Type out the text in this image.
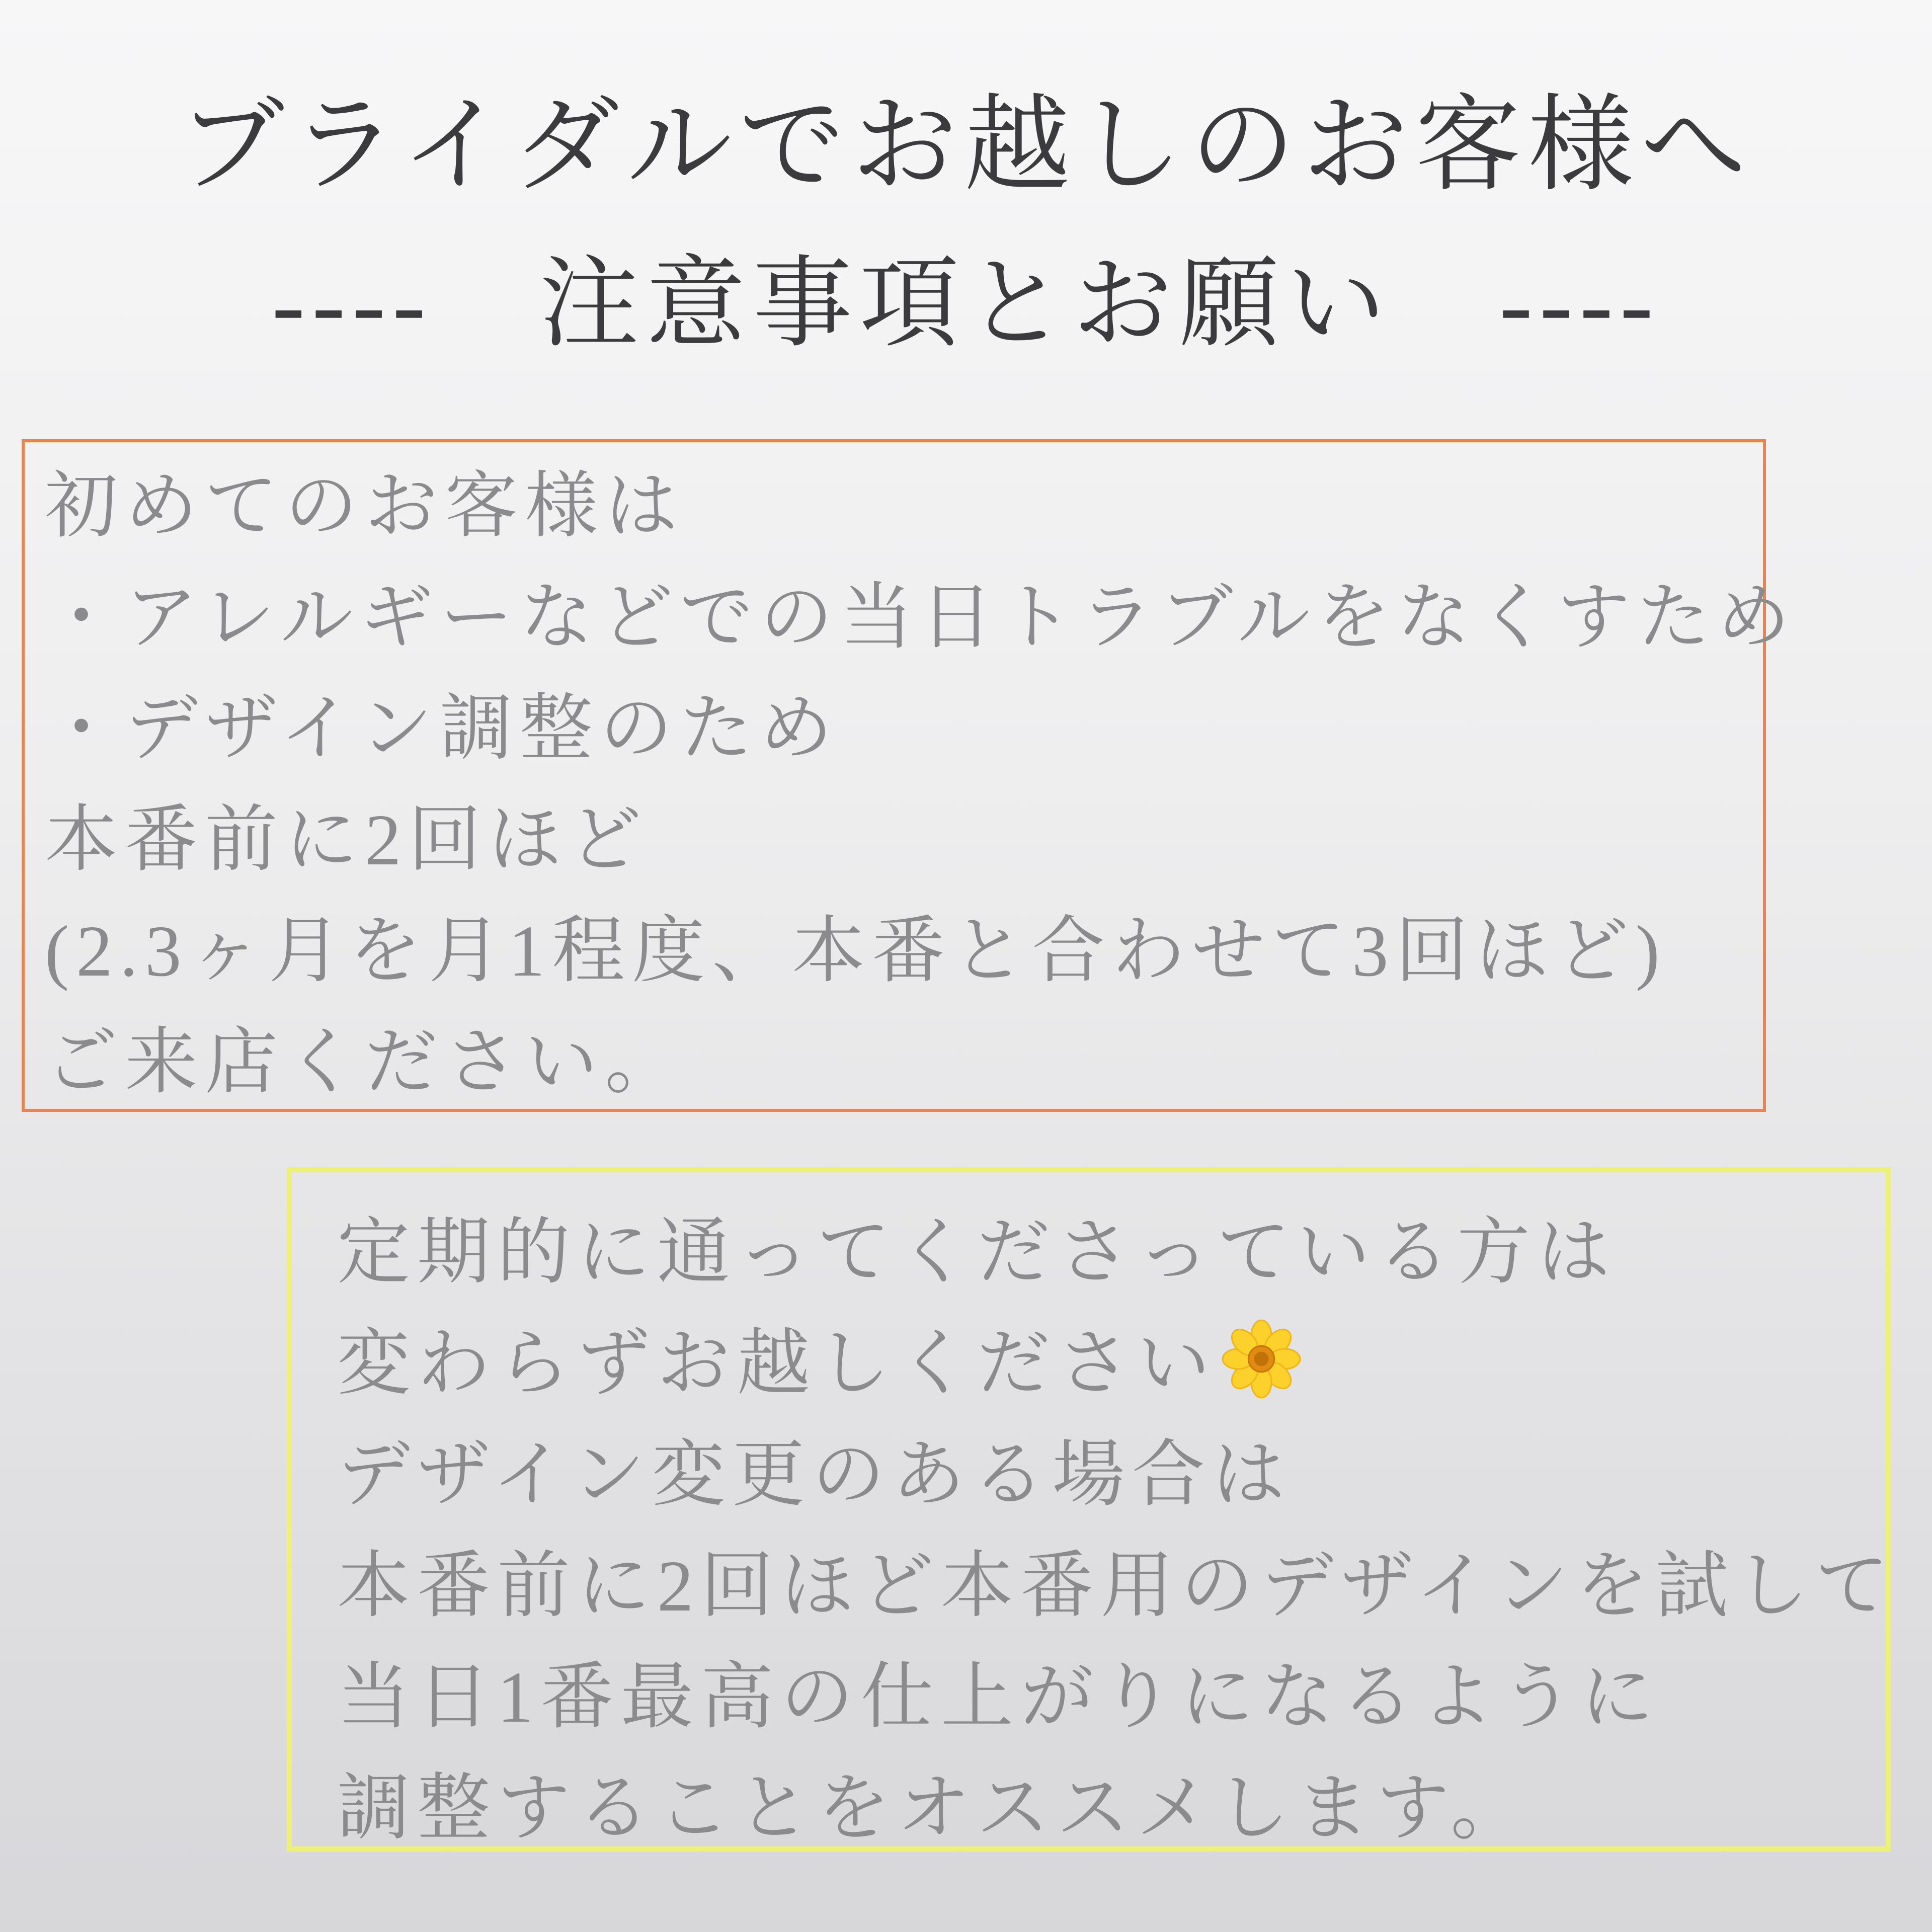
ブライダルでお越しのお客様へ
----　注意事項とお願い　----
初めてのお客様は
・アレルギーなどでの当日トラブルをなくすため
・デザイン調整のため
本番前に2回ほど
(2.3ヶ月を月1程度、本番と合わせて3回ほど)
ご来店ください。
定期的に通ってくださっている方は
変わらずお越しください
デザイン変更のある場合は
本番前に2回ほど本番用のデザインを試して
当日1番最高の仕上がりになるように
調整することをオススメします。
